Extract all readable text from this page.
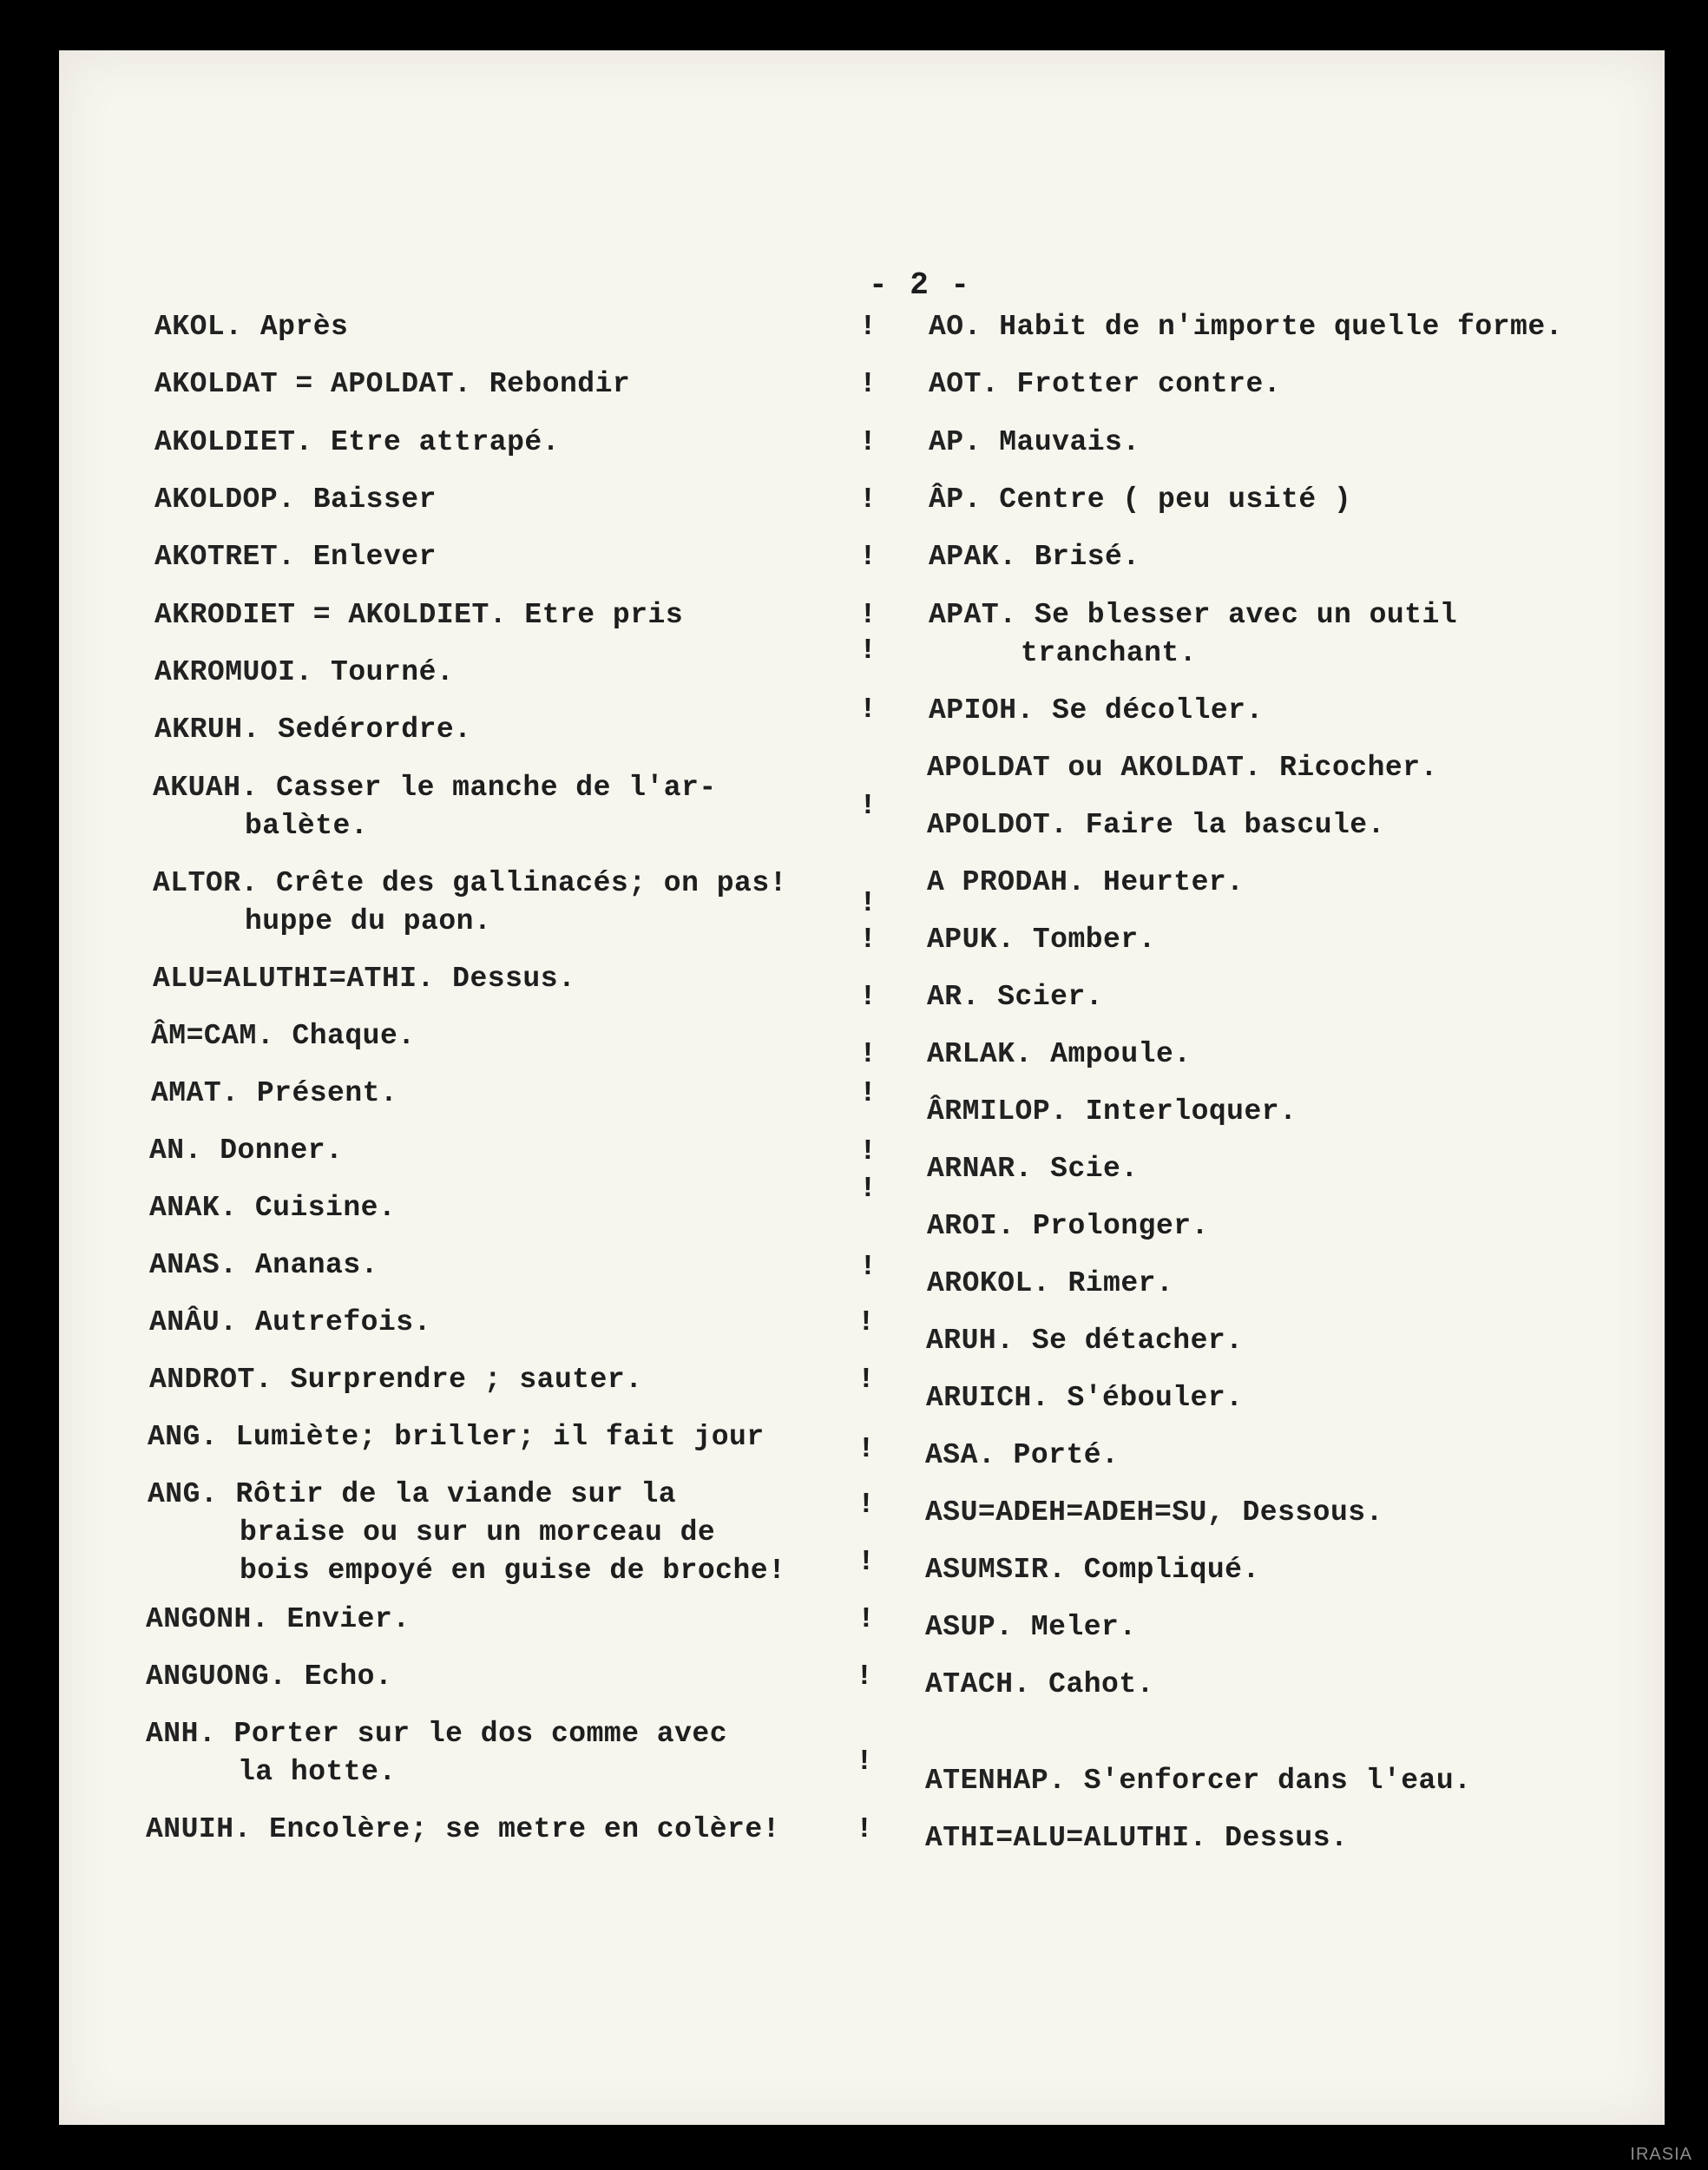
- 2 -
AKOL. Après
AKOLDAT = APOLDAT. Rebondir
AKOLDIET. Etre attrapé.
AKOLDOP. Baisser
AKOTRET. Enlever
AKRODIET = AKOLDIET. Etre pris
AKROMUOI. Tourné.
AKRUH. Sedérordre.
AKUAH. Casser le manche de l'ar-
balète.
ALTOR. Crête des gallinacés; on pas!
huppe du paon.
ALU=ALUTHI=ATHI. Dessus.
ÂM=CAM. Chaque.
AMAT. Présent.
AN. Donner.
ANAK. Cuisine.
ANAS. Ananas.
ANÂU. Autrefois.
ANDROT. Surprendre ; sauter.
ANG. Lumiète; briller; il fait jour
ANG. Rôtir de la viande sur la
braise ou sur un morceau de
bois empoyé en guise de broche!
ANGONH. Envier.
ANGUONG. Echo.
ANH. Porter sur le dos comme avec
la hotte.
ANUIH. Encolère; se metre en colère!
AO. Habit de n'importe quelle forme.
AOT. Frotter contre.
AP. Mauvais.
ÂP. Centre ( peu usité )
APAK. Brisé.
APAT. Se blesser avec un outil
tranchant.
APIOH. Se décoller.
APOLDAT ou AKOLDAT. Ricocher.
APOLDOT. Faire la bascule.
A PRODAH. Heurter.
APUK. Tomber.
AR. Scier.
ARLAK. Ampoule.
ÂRMILOP. Interloquer.
ARNAR. Scie.
AROI. Prolonger.
AROKOL. Rimer.
ARUH. Se détacher.
ARUICH. S'ébouler.
ASA. Porté.
ASU=ADEH=ADEH=SU, Dessous.
ASUMSIR. Compliqué.
ASUP. Meler.
ATACH. Cahot.
ATENHAP. S'enforcer dans l'eau.
ATHI=ALU=ALUTHI. Dessus.
!
!
!
!
!
!
!
!
!
!
!
!
!
!
!
!
!
!
!
!
!
!
!
!
!
!
IRASIA
